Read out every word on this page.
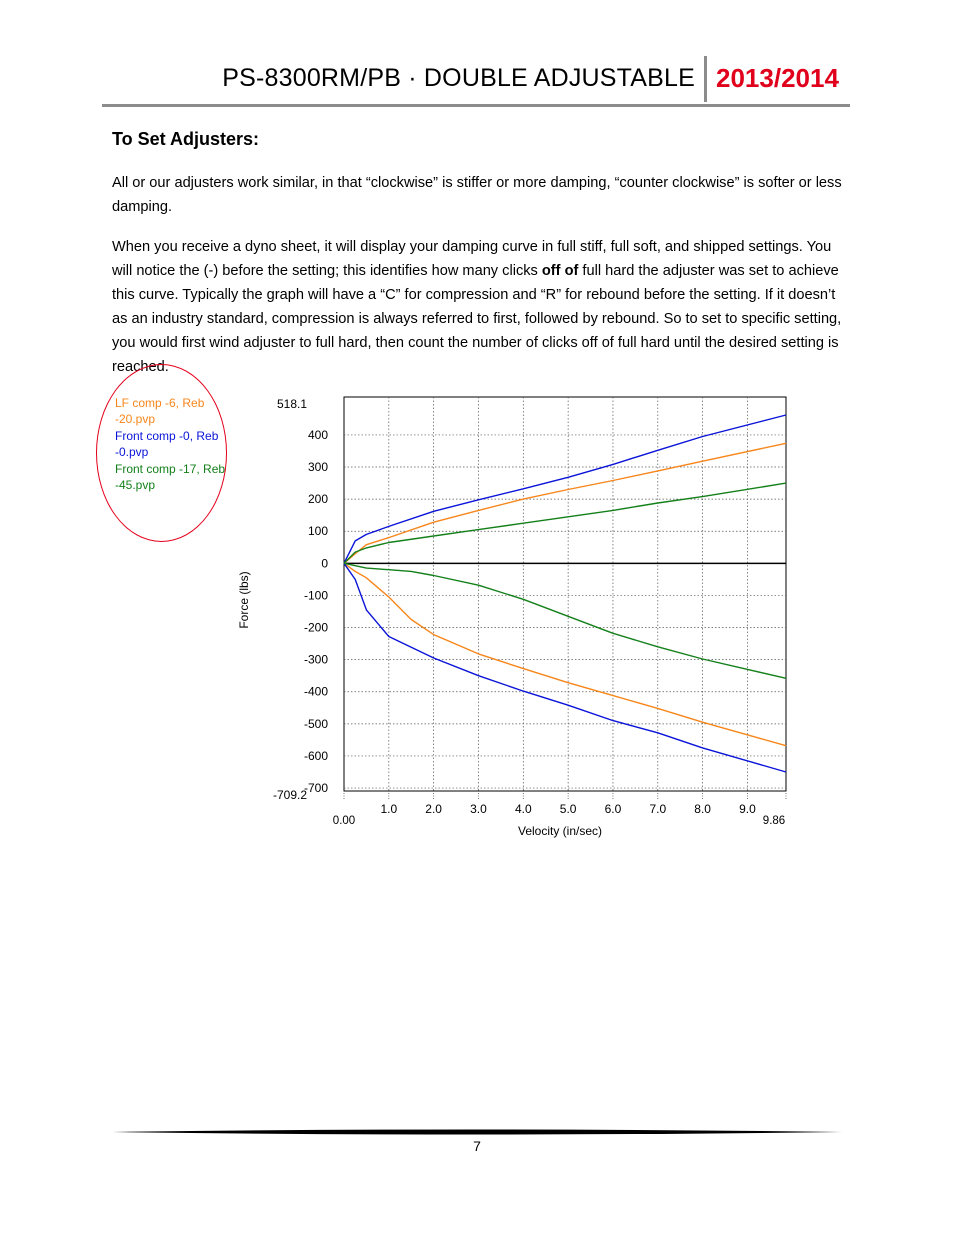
PS-8300RM/PB · DOUBLE ADJUSTABLE 2013/2014
To Set Adjusters:
All or our adjusters work similar, in that “clockwise” is stiffer or more damping, “counter clockwise” is softer or less damping.
When you receive a dyno sheet, it will display your damping curve in full stiff, full soft, and shipped settings. You will notice the (-) before the setting; this identifies how many clicks off of full hard the adjuster was set to achieve this curve. Typically the graph will have a “C” for compression and “R” for rebound before the setting. If it doesn’t as an industry standard, compression is always referred to first, followed by rebound. So to set to specific setting, you would first wind adjuster to full hard, then count the number of clicks off of full hard until the desired setting is reached.
1.0 2.0 3.0 4.0 5.0 6.0 7.0 8.0 9.0
0.00	9.86
400
300
200
100
0
-100
-200
-300
-400
-500
-600
-700
518.1
-709.2
Velocity (in/sec)
Force (lbs)
LF comp -6, Reb -20.pvp
Front comp -0, Reb -0.pvp
Front comp -17, Reb -45.pvp
7
